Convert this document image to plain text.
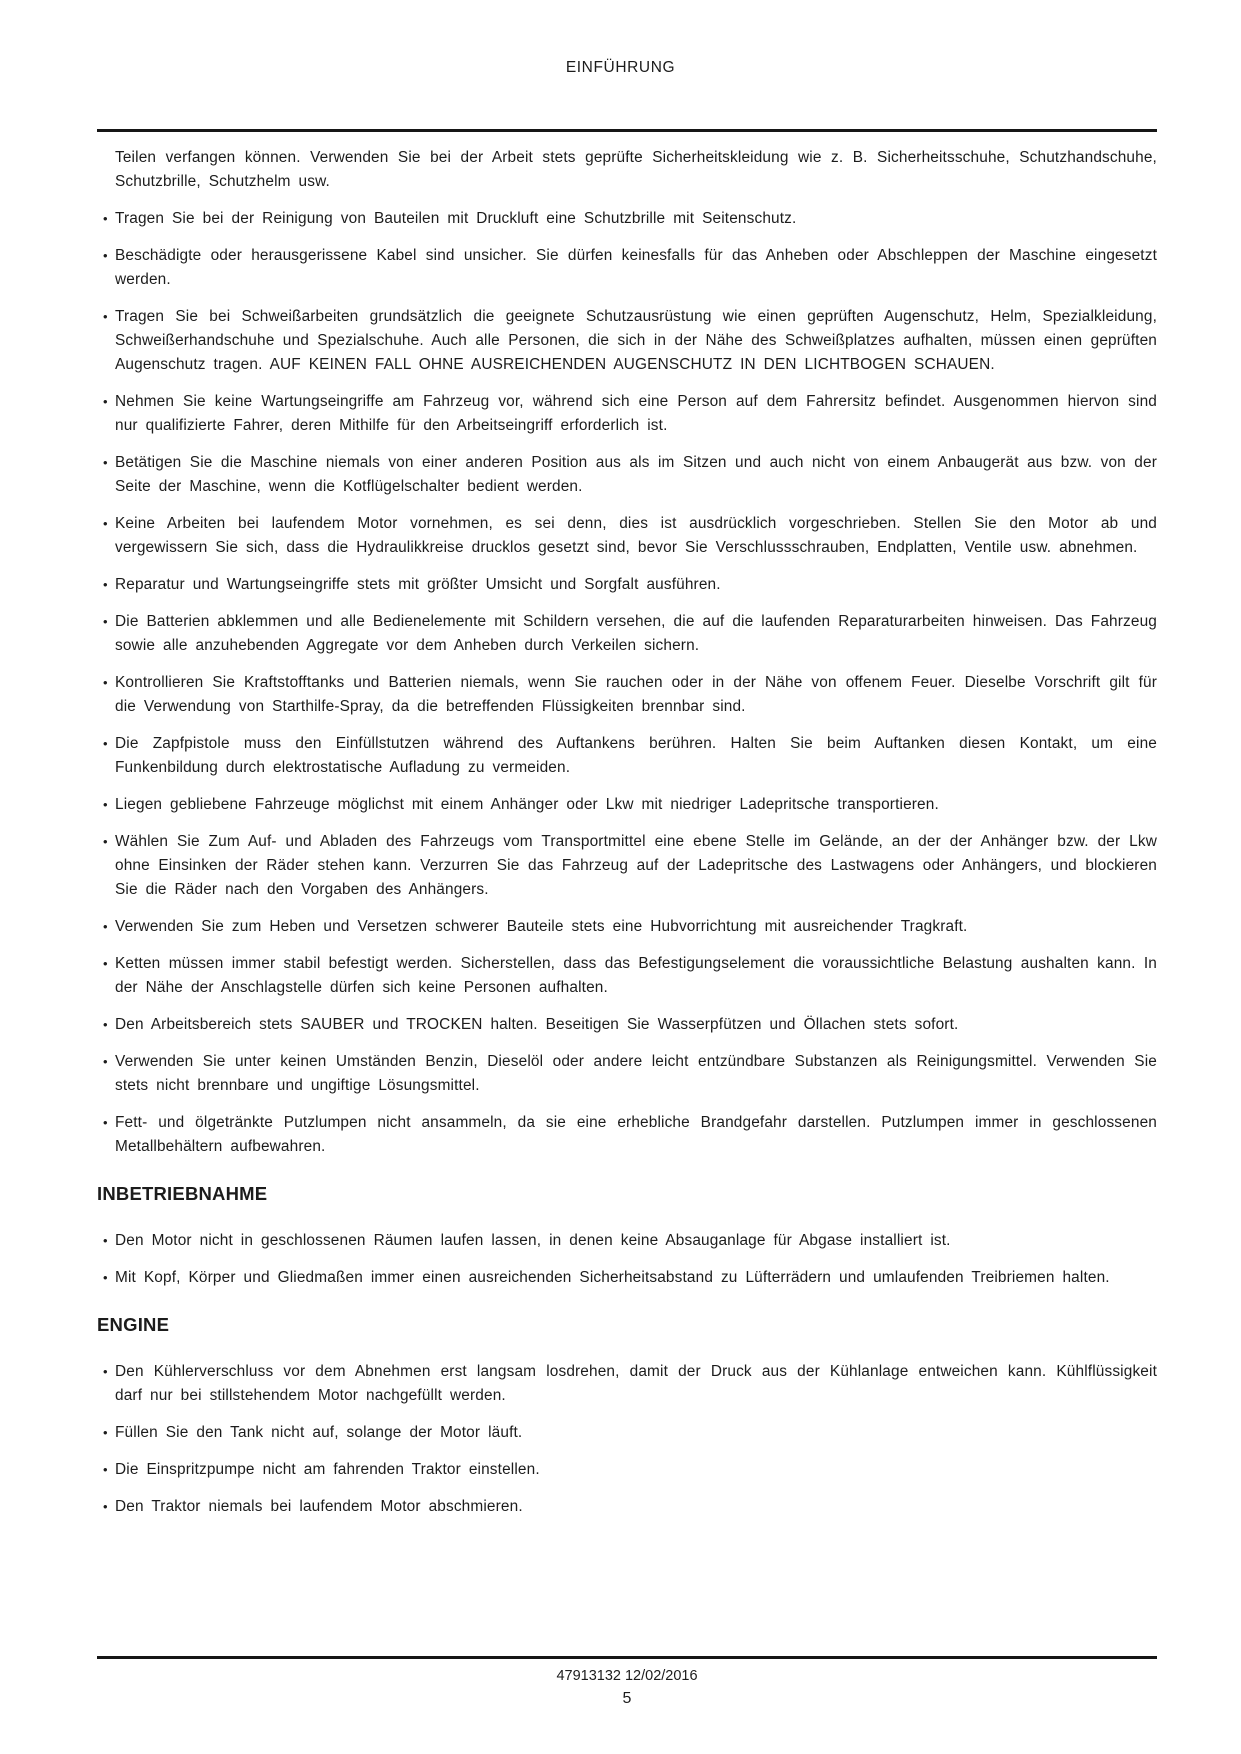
EINFÜHRUNG

Teilen verfangen können. Verwenden Sie bei der Arbeit stets geprüfte Sicherheitskleidung wie z. B. Sicherheitsschuhe, Schutzhandschuhe, Schutzbrille, Schutzhelm usw.

• Tragen Sie bei der Reinigung von Bauteilen mit Druckluft eine Schutzbrille mit Seitenschutz.
• Beschädigte oder herausgerissene Kabel sind unsicher. Sie dürfen keinesfalls für das Anheben oder Abschleppen der Maschine eingesetzt werden.
• Tragen Sie bei Schweißarbeiten grundsätzlich die geeignete Schutzausrüstung wie einen geprüften Augenschutz, Helm, Spezialkleidung, Schweißerhandschuhe und Spezialschuhe. Auch alle Personen, die sich in der Nähe des Schweißplatzes aufhalten, müssen einen geprüften Augenschutz tragen. AUF KEINEN FALL OHNE AUSREICHENDEN AUGENSCHUTZ IN DEN LICHTBOGEN SCHAUEN.
• Nehmen Sie keine Wartungseingriffe am Fahrzeug vor, während sich eine Person auf dem Fahrersitz befindet. Ausgenommen hiervon sind nur qualifizierte Fahrer, deren Mithilfe für den Arbeitseingriff erforderlich ist.
• Betätigen Sie die Maschine niemals von einer anderen Position aus als im Sitzen und auch nicht von einem Anbaugerät aus bzw. von der Seite der Maschine, wenn die Kotflügelschalter bedient werden.
• Keine Arbeiten bei laufendem Motor vornehmen, es sei denn, dies ist ausdrücklich vorgeschrieben. Stellen Sie den Motor ab und vergewissern Sie sich, dass die Hydraulikkreise drucklos gesetzt sind, bevor Sie Verschlussschrauben, Endplatten, Ventile usw. abnehmen.
• Reparatur und Wartungseingriffe stets mit größter Umsicht und Sorgfalt ausführen.
• Die Batterien abklemmen und alle Bedienelemente mit Schildern versehen, die auf die laufenden Reparaturarbeiten hinweisen. Das Fahrzeug sowie alle anzuhebenden Aggregate vor dem Anheben durch Verkeilen sichern.
• Kontrollieren Sie Kraftstofftanks und Batterien niemals, wenn Sie rauchen oder in der Nähe von offenem Feuer. Dieselbe Vorschrift gilt für die Verwendung von Starthilfe-Spray, da die betreffenden Flüssigkeiten brennbar sind.
• Die Zapfpistole muss den Einfüllstutzen während des Auftankens berühren. Halten Sie beim Auftanken diesen Kontakt, um eine Funkenbildung durch elektrostatische Aufladung zu vermeiden.
• Liegen gebliebene Fahrzeuge möglichst mit einem Anhänger oder Lkw mit niedriger Ladepritsche transportieren.
• Wählen Sie Zum Auf- und Abladen des Fahrzeugs vom Transportmittel eine ebene Stelle im Gelände, an der der Anhänger bzw. der Lkw ohne Einsinken der Räder stehen kann. Verzurren Sie das Fahrzeug auf der Ladepritsche des Lastwagens oder Anhängers, und blockieren Sie die Räder nach den Vorgaben des Anhängers.
• Verwenden Sie zum Heben und Versetzen schwerer Bauteile stets eine Hubvorrichtung mit ausreichender Tragkraft.
• Ketten müssen immer stabil befestigt werden. Sicherstellen, dass das Befestigungselement die voraussichtliche Belastung aushalten kann. In der Nähe der Anschlagstelle dürfen sich keine Personen aufhalten.
• Den Arbeitsbereich stets SAUBER und TROCKEN halten. Beseitigen Sie Wasserpfützen und Öllachen stets sofort.
• Verwenden Sie unter keinen Umständen Benzin, Dieselöl oder andere leicht entzündbare Substanzen als Reinigungsmittel. Verwenden Sie stets nicht brennbare und ungiftige Lösungsmittel.
• Fett- und ölgetränkte Putzlumpen nicht ansammeln, da sie eine erhebliche Brandgefahr darstellen. Putzlumpen immer in geschlossenen Metallbehältern aufbewahren.
INBETRIEBNAHME
• Den Motor nicht in geschlossenen Räumen laufen lassen, in denen keine Absauganlage für Abgase installiert ist.
• Mit Kopf, Körper und Gliedmaßen immer einen ausreichenden Sicherheitsabstand zu Lüfterrädern und umlaufenden Treibriemen halten.
ENGINE
• Den Kühlerverschluss vor dem Abnehmen erst langsam losdrehen, damit der Druck aus der Kühlanlage entweichen kann. Kühlflüssigkeit darf nur bei stillstehendem Motor nachgefüllt werden.
• Füllen Sie den Tank nicht auf, solange der Motor läuft.
• Die Einspritzpumpe nicht am fahrenden Traktor einstellen.
• Den Traktor niemals bei laufendem Motor abschmieren.
47913132 12/02/2016
5
